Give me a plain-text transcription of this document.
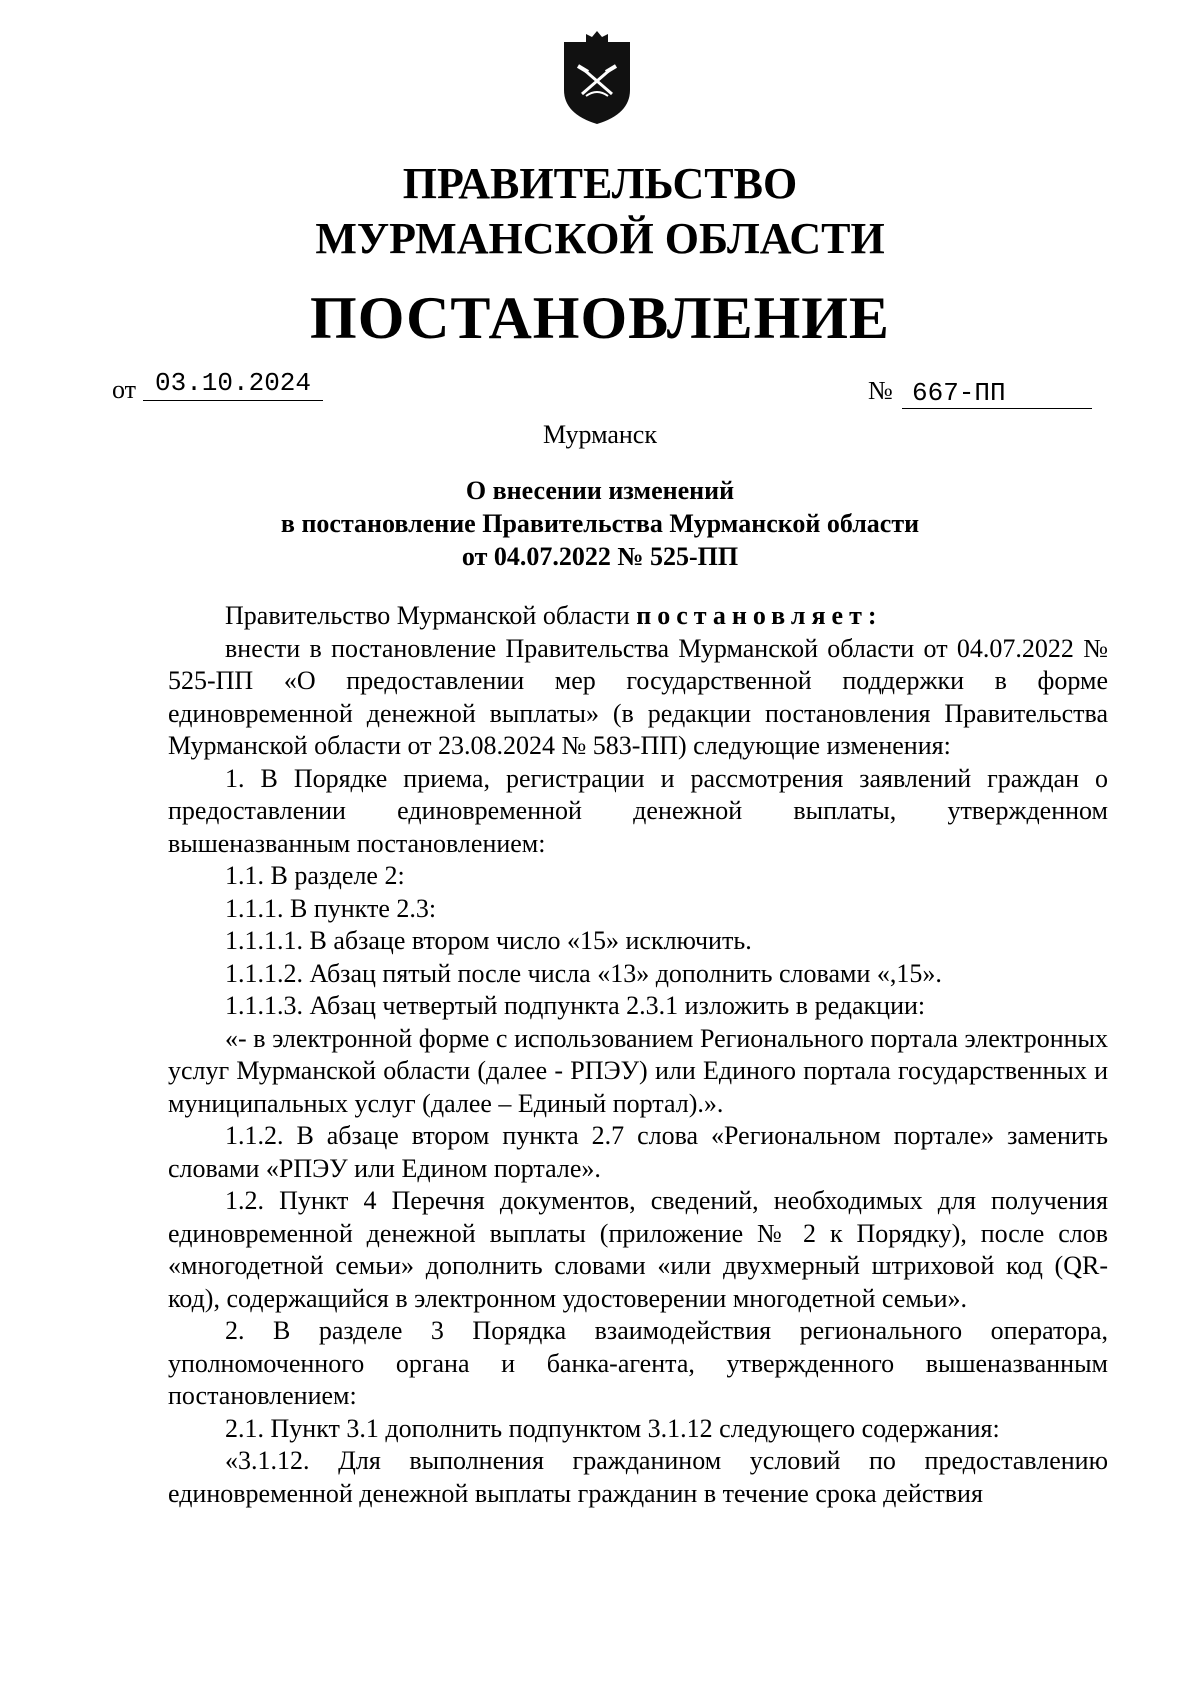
ПРАВИТЕЛЬСТВО
МУРМАНСКОЙ ОБЛАСТИ
ПОСТАНОВЛЕНИЕ
от 03.10.2024	№ 667-ПП
Мурманск
О внесении изменений
в постановление Правительства Мурманской области
от 04.07.2022 № 525-ПП

Правительство Мурманской области постановляет:

внести в постановление Правительства Мурманской области от 04.07.2022 № 525-ПП «О предоставлении мер государственной поддержки в форме единовременной денежной выплаты» (в редакции постановления Правительства Мурманской области от 23.08.2024 № 583-ПП) следующие изменения:

1. В Порядке приема, регистрации и рассмотрения заявлений граждан о предоставлении единовременной денежной выплаты, утвержденном вышеназванным постановлением:

1.1. В разделе 2:

1.1.1. В пункте 2.3:

1.1.1.1. В абзаце втором число «15» исключить.

1.1.1.2. Абзац пятый после числа «13» дополнить словами «,15».

1.1.1.3. Абзац четвертый подпункта 2.3.1 изложить в редакции:

«- в электронной форме с использованием Регионального портала электронных услуг Мурманской области (далее - РПЭУ) или Единого портала государственных и муниципальных услуг (далее – Единый портал).».

1.1.2. В абзаце втором пункта 2.7 слова «Региональном портале» заменить словами «РПЭУ или Едином портале».

1.2. Пункт 4 Перечня документов, сведений, необходимых для получения единовременной денежной выплаты (приложение № 2 к Порядку), после слов «многодетной семьи» дополнить словами «или двухмерный штриховой код (QR-код), содержащийся в электронном удостоверении многодетной семьи».

2. В разделе 3 Порядка взаимодействия регионального оператора, уполномоченного органа и банка-агента, утвержденного вышеназванным постановлением:

2.1. Пункт 3.1 дополнить подпунктом 3.1.12 следующего содержания:

«3.1.12. Для выполнения гражданином условий по предоставлению единовременной денежной выплаты гражданин в течение срока действия
